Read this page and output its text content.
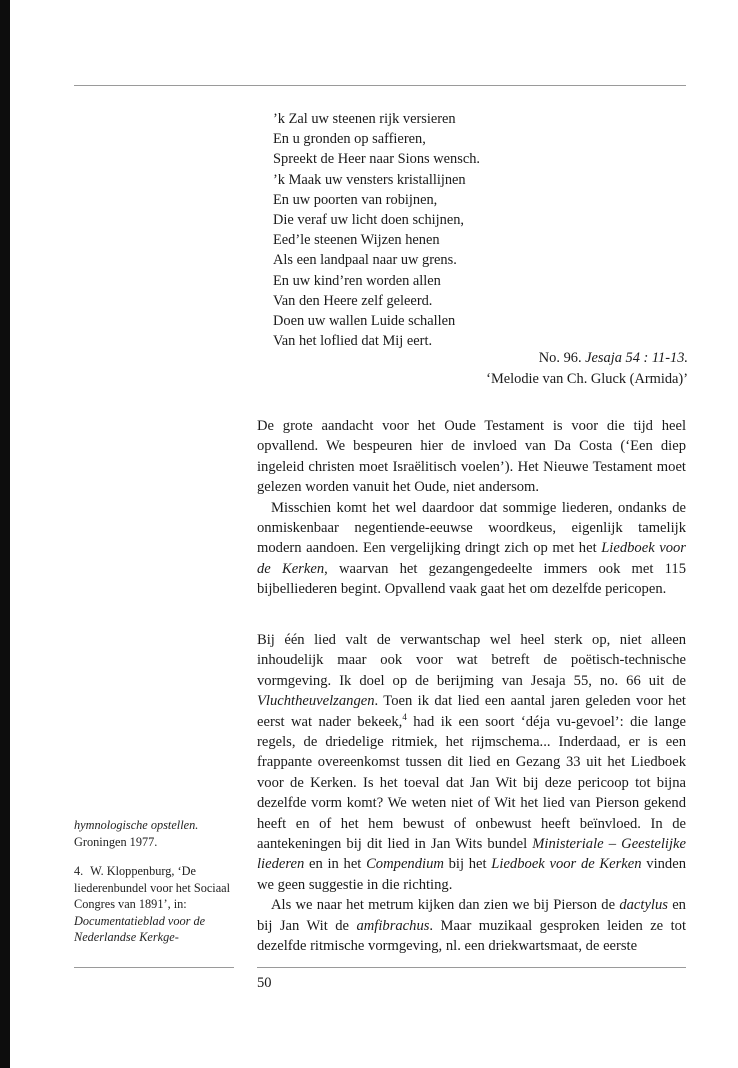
’k Zal uw steenen rijk versieren
En u gronden op saffieren,
Spreekt de Heer naar Sions wensch.
’k Maak uw vensters kristallijnen
En uw poorten van robijnen,
Die veraf uw licht doen schijnen,
Eed’le steenen Wijzen henen
Als een landpaal naar uw grens.
En uw kind’ren worden allen
Van den Heere zelf geleerd.
Doen uw wallen Luide schallen
Van het loflied dat Mij eert.
No. 96. Jesaja 54 : 11-13.
‘Melodie van Ch. Gluck (Armida)’

De grote aandacht voor het Oude Testament is voor die tijd heel opvallend. We bespeuren hier de invloed van Da Costa (‘Een diep ingeleid christen moet Israëlitisch voelen’). Het Nieuwe Testament moet gelezen worden vanuit het Oude, niet andersom.

Misschien komt het wel daardoor dat sommige liederen, ondanks de onmiskenbaar negentiende-eeuwse woordkeus, eigenlijk tamelijk modern aandoen. Een vergelijking dringt zich op met het Liedboek voor de Kerken, waarvan het gezangengedeelte immers ook met 115 bijbelliederen begint. Opvallend vaak gaat het om dezelfde pericopen.

Bij één lied valt de verwantschap wel heel sterk op, niet alleen inhoudelijk maar ook voor wat betreft de poëtisch-technische vormgeving. Ik doel op de berijming van Jesaja 55, no. 66 uit de Vluchtheuvelzangen. Toen ik dat lied een aantal jaren geleden voor het eerst wat nader bekeek,$^4$ had ik een soort ‘déja vu-gevoel’: die lange regels, de driedelige ritmiek, het rijmschema... Inderdaad, er is een frappante overeenkomst tussen dit lied en Gezang 33 uit het Liedboek voor de Kerken. Is het toeval dat Jan Wit bij deze pericoop tot bijna dezelfde vorm komt? We weten niet of Wit het lied van Pierson gekend heeft en of het hem bewust of onbewust heeft beïnvloed. In de aantekeningen bij dit lied in Jan Wits bundel Ministeriale – Geestelijke liederen en in het Compendium bij het Liedboek voor de Kerken vinden we geen suggestie in die richting.

Als we naar het metrum kijken dan zien we bij Pierson de dactylus en bij Jan Wit de amfibrachus. Maar muzikaal gesproken leiden ze tot dezelfde ritmische vormgeving, nl. een driekwartsmaat, de eerste

hymnologische opstellen.
Groningen 1977.
4. W. Kloppenburg, ‘De liederenbundel voor het Sociaal Congres van 1891’, in: Documentatieblad voor de Nederlandse Kerkge-
50
